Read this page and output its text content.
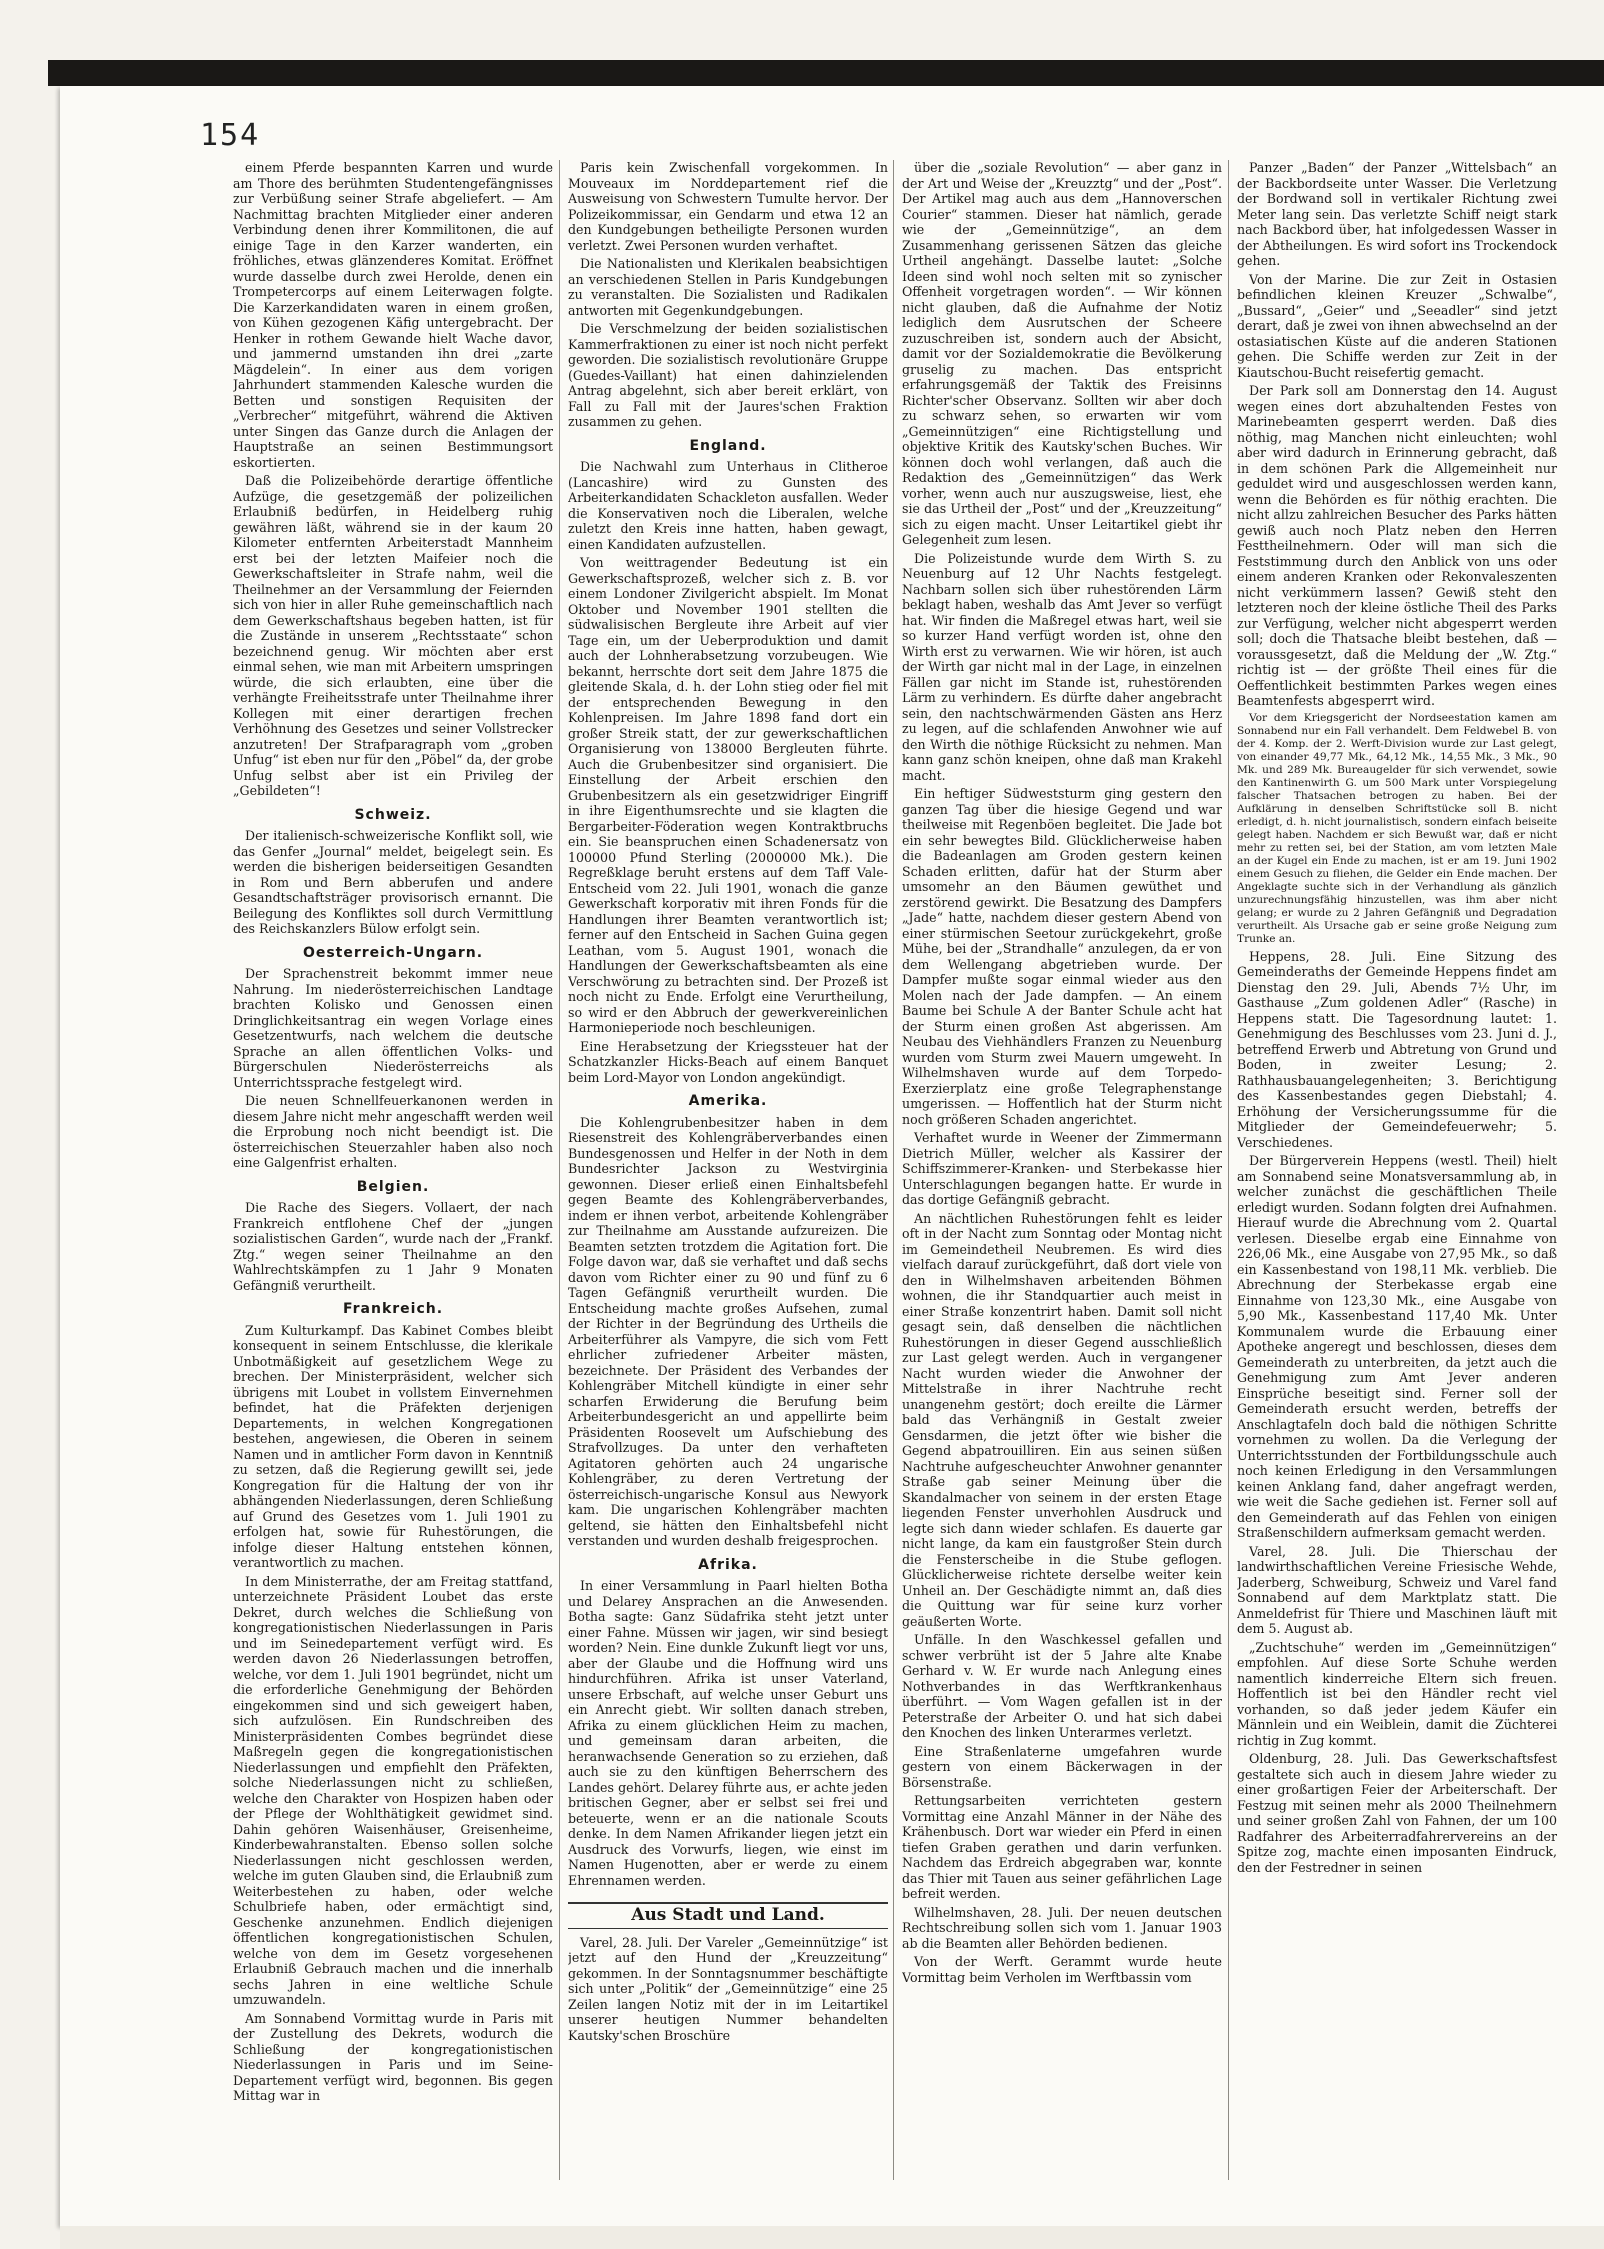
154

einem Pferde bespannten Karren und wurde am Thore des berühmten Studentengefängnisses zur Verbüßung seiner Strafe abgeliefert. — Am Nachmittag brachten Mitglieder einer anderen Verbindung denen ihrer Kommilitonen, die auf einige Tage in den Karzer wanderten, ein fröhliches, etwas glänzenderes Komitat. Eröffnet wurde dasselbe durch zwei Herolde, denen ein Trompetercorps auf einem Leiterwagen folgte. Die Karzerkandidaten waren in einem großen, von Kühen gezogenen Käfig untergebracht. Der Henker in rothem Gewande hielt Wache davor, und jammernd umstanden ihn drei „zarte Mägdelein“. In einer aus dem vorigen Jahrhundert stammenden Kalesche wurden die Betten und sonstigen Requisiten der „Verbrecher“ mitgeführt, während die Aktiven unter Singen das Ganze durch die Anlagen der Hauptstraße an seinen Bestimmungsort eskortierten.

Daß die Polizeibehörde derartige öffentliche Aufzüge, die gesetzgemäß der polizeilichen Erlaubniß bedürfen, in Heidelberg ruhig gewähren läßt, während sie in der kaum 20 Kilometer entfernten Arbeiterstadt Mannheim erst bei der letzten Maifeier noch die Gewerkschaftsleiter in Strafe nahm, weil die Theilnehmer an der Versammlung der Feiernden sich von hier in aller Ruhe gemeinschaftlich nach dem Gewerkschaftshaus begeben hatten, ist für die Zustände in unserem „Rechtsstaate“ schon bezeichnend genug. Wir möchten aber erst einmal sehen, wie man mit Arbeitern umspringen würde, die sich erlaubten, eine über die verhängte Freiheitsstrafe unter Theilnahme ihrer Kollegen mit einer derartigen frechen Verhöhnung des Gesetzes und seiner Vollstrecker anzutreten! Der Strafparagraph vom „groben Unfug“ ist eben nur für den „Pöbel“ da, der grobe Unfug selbst aber ist ein Privileg der „Gebildeten“!

Schweiz.

Der italienisch-schweizerische Konflikt soll, wie das Genfer „Journal“ meldet, beigelegt sein. Es werden die bisherigen beiderseitigen Gesandten in Rom und Bern abberufen und andere Gesandtschaftsträger provisorisch ernannt. Die Beilegung des Konfliktes soll durch Vermittlung des Reichskanzlers Bülow erfolgt sein.

Oesterreich-Ungarn.

Der Sprachenstreit bekommt immer neue Nahrung. Im niederösterreichischen Landtage brachten Kolisko und Genossen einen Dringlichkeitsantrag ein wegen Vorlage eines Gesetzentwurfs, nach welchem die deutsche Sprache an allen öffentlichen Volks- und Bürgerschulen Niederösterreichs als Unterrichtssprache festgelegt wird.

Die neuen Schnellfeuerkanonen werden in diesem Jahre nicht mehr angeschafft werden weil die Erprobung noch nicht beendigt ist. Die österreichischen Steuerzahler haben also noch eine Galgenfrist erhalten.

Belgien.

Die Rache des Siegers. Vollaert, der nach Frankreich entflohene Chef der „jungen sozialistischen Garden“, wurde nach der „Frankf. Ztg.“ wegen seiner Theilnahme an den Wahlrechtskämpfen zu 1 Jahr 9 Monaten Gefängniß verurtheilt.

Frankreich.

Zum Kulturkampf. Das Kabinet Combes bleibt konsequent in seinem Entschlusse, die klerikale Unbotmäßigkeit auf gesetzlichem Wege zu brechen. Der Ministerpräsident, welcher sich übrigens mit Loubet in vollstem Einvernehmen befindet, hat die Präfekten derjenigen Departements, in welchen Kongregationen bestehen, angewiesen, die Oberen in seinem Namen und in amtlicher Form davon in Kenntniß zu setzen, daß die Regierung gewillt sei, jede Kongregation für die Haltung der von ihr abhängenden Niederlassungen, deren Schließung auf Grund des Gesetzes vom 1. Juli 1901 zu erfolgen hat, sowie für Ruhestörungen, die infolge dieser Haltung entstehen können, verantwortlich zu machen.

In dem Ministerrathe, der am Freitag stattfand, unterzeichnete Präsident Loubet das erste Dekret, durch welches die Schließung von kongregationistischen Niederlassungen in Paris und im Seinedepartement verfügt wird. Es werden davon 26 Niederlassungen betroffen, welche, vor dem 1. Juli 1901 begründet, nicht um die erforderliche Genehmigung der Behörden eingekommen sind und sich geweigert haben, sich aufzulösen. Ein Rundschreiben des Ministerpräsidenten Combes begründet diese Maßregeln gegen die kongregationistischen Niederlassungen und empfiehlt den Präfekten, solche Niederlassungen nicht zu schließen, welche den Charakter von Hospizen haben oder der Pflege der Wohlthätigkeit gewidmet sind. Dahin gehören Waisenhäuser, Greisenheime, Kinderbewahranstalten. Ebenso sollen solche Niederlassungen nicht geschlossen werden, welche im guten Glauben sind, die Erlaubniß zum Weiterbestehen zu haben, oder welche Schulbriefe haben, oder ermächtigt sind, Geschenke anzunehmen. Endlich diejenigen öffentlichen kongregationistischen Schulen, welche von dem im Gesetz vorgesehenen Erlaubniß Gebrauch machen und die innerhalb sechs Jahren in eine weltliche Schule umzuwandeln.

Am Sonnabend Vormittag wurde in Paris mit der Zustellung des Dekrets, wodurch die Schließung der kongregationistischen Niederlassungen in Paris und im Seine-Departement verfügt wird, begonnen. Bis gegen Mittag war in

Paris kein Zwischenfall vorgekommen. In Mouveaux im Norddepartement rief die Ausweisung von Schwestern Tumulte hervor. Der Polizeikommissar, ein Gendarm und etwa 12 an den Kundgebungen betheiligte Personen wurden verletzt. Zwei Personen wurden verhaftet.

Die Nationalisten und Klerikalen beabsichtigen an verschiedenen Stellen in Paris Kundgebungen zu veranstalten. Die Sozialisten und Radikalen antworten mit Gegenkundgebungen.

Die Verschmelzung der beiden sozialistischen Kammerfraktionen zu einer ist noch nicht perfekt geworden. Die sozialistisch revolutionäre Gruppe (Guedes-Vaillant) hat einen dahinzielenden Antrag abgelehnt, sich aber bereit erklärt, von Fall zu Fall mit der Jaures'schen Fraktion zusammen zu gehen.

England.

Die Nachwahl zum Unterhaus in Clitheroe (Lancashire) wird zu Gunsten des Arbeiterkandidaten Schackleton ausfallen. Weder die Konservativen noch die Liberalen, welche zuletzt den Kreis inne hatten, haben gewagt, einen Kandidaten aufzustellen.

Von weittragender Bedeutung ist ein Gewerkschaftsprozeß, welcher sich z. B. vor einem Londoner Zivilgericht abspielt. Im Monat Oktober und November 1901 stellten die südwalisischen Bergleute ihre Arbeit auf vier Tage ein, um der Ueberproduktion und damit auch der Lohnherabsetzung vorzubeugen. Wie bekannt, herrschte dort seit dem Jahre 1875 die gleitende Skala, d. h. der Lohn stieg oder fiel mit der entsprechenden Bewegung in den Kohlenpreisen. Im Jahre 1898 fand dort ein großer Streik statt, der zur gewerkschaftlichen Organisierung von 138000 Bergleuten führte. Auch die Grubenbesitzer sind organisiert. Die Einstellung der Arbeit erschien den Grubenbesitzern als ein gesetzwidriger Eingriff in ihre Eigenthumsrechte und sie klagten die Bergarbeiter-Föderation wegen Kontraktbruchs ein. Sie beanspruchen einen Schadenersatz von 100000 Pfund Sterling (2000000 Mk.). Die Regreßklage beruht erstens auf dem Taff Vale-Entscheid vom 22. Juli 1901, wonach die ganze Gewerkschaft korporativ mit ihren Fonds für die Handlungen ihrer Beamten verantwortlich ist; ferner auf den Entscheid in Sachen Guina gegen Leathan, vom 5. August 1901, wonach die Handlungen der Gewerkschaftsbeamten als eine Verschwörung zu betrachten sind. Der Prozeß ist noch nicht zu Ende. Erfolgt eine Verurtheilung, so wird er den Abbruch der gewerkvereinlichen Harmonieperiode noch beschleunigen.

Eine Herabsetzung der Kriegssteuer hat der Schatzkanzler Hicks-Beach auf einem Banquet beim Lord-Mayor von London angekündigt.

Amerika.

Die Kohlengrubenbesitzer haben in dem Riesenstreit des Kohlengräberverbandes einen Bundesgenossen und Helfer in der Noth in dem Bundesrichter Jackson zu Westvirginia gewonnen. Dieser erließ einen Einhaltsbefehl gegen Beamte des Kohlengräberverbandes, indem er ihnen verbot, arbeitende Kohlengräber zur Theilnahme am Ausstande aufzureizen. Die Beamten setzten trotzdem die Agitation fort. Die Folge davon war, daß sie verhaftet und daß sechs davon vom Richter einer zu 90 und fünf zu 6 Tagen Gefängniß verurtheilt wurden. Die Entscheidung machte großes Aufsehen, zumal der Richter in der Begründung des Urtheils die Arbeiterführer als Vampyre, die sich vom Fett ehrlicher zufriedener Arbeiter mästen, bezeichnete. Der Präsident des Verbandes der Kohlengräber Mitchell kündigte in einer sehr scharfen Erwiderung die Berufung beim Arbeiterbundesgericht an und appellirte beim Präsidenten Roosevelt um Aufschiebung des Strafvollzuges. Da unter den verhafteten Agitatoren gehörten auch 24 ungarische Kohlengräber, zu deren Vertretung der österreichisch-ungarische Konsul aus Newyork kam. Die ungarischen Kohlengräber machten geltend, sie hätten den Einhaltsbefehl nicht verstanden und wurden deshalb freigesprochen.

Afrika.

In einer Versammlung in Paarl hielten Botha und Delarey Ansprachen an die Anwesenden. Botha sagte: Ganz Südafrika steht jetzt unter einer Fahne. Müssen wir jagen, wir sind besiegt worden? Nein. Eine dunkle Zukunft liegt vor uns, aber der Glaube und die Hoffnung wird uns hindurchführen. Afrika ist unser Vaterland, unsere Erbschaft, auf welche unser Geburt uns ein Anrecht giebt. Wir sollten danach streben, Afrika zu einem glücklichen Heim zu machen, und gemeinsam daran arbeiten, die heranwachsende Generation so zu erziehen, daß auch sie zu den künftigen Beherrschern des Landes gehört. Delarey führte aus, er achte jeden britischen Gegner, aber er selbst sei frei und beteuerte, wenn er an die nationale Scouts denke. In dem Namen Afrikander liegen jetzt ein Ausdruck des Vorwurfs, liegen, wie einst im Namen Hugenotten, aber er werde zu einem Ehrennamen werden.

Aus Stadt und Land.

Varel, 28. Juli. Der Vareler „Gemeinnützige“ ist jetzt auf den Hund der „Kreuzzeitung“ gekommen. In der Sonntagsnummer beschäftigte sich unter „Politik“ der „Gemeinnützige“ eine 25 Zeilen langen Notiz mit der in im Leitartikel unserer heutigen Nummer behandelten Kautsky'schen Broschüre

über die „soziale Revolution“ — aber ganz in der Art und Weise der „Kreuzztg“ und der „Post“. Der Artikel mag auch aus dem „Hannoverschen Courier“ stammen. Dieser hat nämlich, gerade wie der „Gemeinnützige“, an dem Zusammenhang gerissenen Sätzen das gleiche Urtheil angehängt. Dasselbe lautet: „Solche Ideen sind wohl noch selten mit so zynischer Offenheit vorgetragen worden“. — Wir können nicht glauben, daß die Aufnahme der Notiz lediglich dem Ausrutschen der Scheere zuzuschreiben ist, sondern auch der Absicht, damit vor der Sozialdemokratie die Bevölkerung gruselig zu machen. Das entspricht erfahrungsgemäß der Taktik des Freisinns Richter'scher Observanz. Sollten wir aber doch zu schwarz sehen, so erwarten wir vom „Gemeinnützigen“ eine Richtigstellung und objektive Kritik des Kautsky'schen Buches. Wir können doch wohl verlangen, daß auch die Redaktion des „Gemeinnützigen“ das Werk vorher, wenn auch nur auszugsweise, liest, ehe sie das Urtheil der „Post“ und der „Kreuzzeitung“ sich zu eigen macht. Unser Leitartikel giebt ihr Gelegenheit zum lesen.

Die Polizeistunde wurde dem Wirth S. zu Neuenburg auf 12 Uhr Nachts festgelegt. Nachbarn sollen sich über ruhestörenden Lärm beklagt haben, weshalb das Amt Jever so verfügt hat. Wir finden die Maßregel etwas hart, weil sie so kurzer Hand verfügt worden ist, ohne den Wirth erst zu verwarnen. Wie wir hören, ist auch der Wirth gar nicht mal in der Lage, in einzelnen Fällen gar nicht im Stande ist, ruhestörenden Lärm zu verhindern. Es dürfte daher angebracht sein, den nachtschwärmenden Gästen ans Herz zu legen, auf die schlafenden Anwohner wie auf den Wirth die nöthige Rücksicht zu nehmen. Man kann ganz schön kneipen, ohne daß man Krakehl macht.

Ein heftiger Südweststurm ging gestern den ganzen Tag über die hiesige Gegend und war theilweise mit Regenböen begleitet. Die Jade bot ein sehr bewegtes Bild. Glücklicherweise haben die Badeanlagen am Groden gestern keinen Schaden erlitten, dafür hat der Sturm aber umsomehr an den Bäumen gewüthet und zerstörend gewirkt. Die Besatzung des Dampfers „Jade“ hatte, nachdem dieser gestern Abend von einer stürmischen Seetour zurückgekehrt, große Mühe, bei der „Strandhalle“ anzulegen, da er von dem Wellengang abgetrieben wurde. Der Dampfer mußte sogar einmal wieder aus den Molen nach der Jade dampfen. — An einem Baume bei Schule A der Banter Schule acht hat der Sturm einen großen Ast abgerissen. Am Neubau des Viehhändlers Franzen zu Neuenburg wurden vom Sturm zwei Mauern umgeweht. In Wilhelmshaven wurde auf dem Torpedo-Exerzierplatz eine große Telegraphenstange umgerissen. — Hoffentlich hat der Sturm nicht noch größeren Schaden angerichtet.

Verhaftet wurde in Weener der Zimmermann Dietrich Müller, welcher als Kassirer der Schiffszimmerer-Kranken- und Sterbekasse hier Unterschlagungen begangen hatte. Er wurde in das dortige Gefängniß gebracht.

An nächtlichen Ruhestörungen fehlt es leider oft in der Nacht zum Sonntag oder Montag nicht im Gemeindetheil Neubremen. Es wird dies vielfach darauf zurückgeführt, daß dort viele von den in Wilhelmshaven arbeitenden Böhmen wohnen, die ihr Standquartier auch meist in einer Straße konzentrirt haben. Damit soll nicht gesagt sein, daß denselben die nächtlichen Ruhestörungen in dieser Gegend ausschließlich zur Last gelegt werden. Auch in vergangener Nacht wurden wieder die Anwohner der Mittelstraße in ihrer Nachtruhe recht unangenehm gestört; doch ereilte die Lärmer bald das Verhängniß in Gestalt zweier Gensdarmen, die jetzt öfter wie bisher die Gegend abpatrouilliren. Ein aus seinen süßen Nachtruhe aufgescheuchter Anwohner genannter Straße gab seiner Meinung über die Skandalmacher von seinem in der ersten Etage liegenden Fenster unverhohlen Ausdruck und legte sich dann wieder schlafen. Es dauerte gar nicht lange, da kam ein faustgroßer Stein durch die Fensterscheibe in die Stube geflogen. Glücklicherweise richtete derselbe weiter kein Unheil an. Der Geschädigte nimmt an, daß dies die Quittung war für seine kurz vorher geäußerten Worte.

Unfälle. In den Waschkessel gefallen und schwer verbrüht ist der 5 Jahre alte Knabe Gerhard v. W. Er wurde nach Anlegung eines Nothverbandes in das Werftkrankenhaus überführt. — Vom Wagen gefallen ist in der Peterstraße der Arbeiter O. und hat sich dabei den Knochen des linken Unterarmes verletzt.

Eine Straßenlaterne umgefahren wurde gestern von einem Bäckerwagen in der Börsenstraße.

Rettungsarbeiten verrichteten gestern Vormittag eine Anzahl Männer in der Nähe des Krähenbusch. Dort war wieder ein Pferd in einen tiefen Graben gerathen und darin verfunken. Nachdem das Erdreich abgegraben war, konnte das Thier mit Tauen aus seiner gefährlichen Lage befreit werden.

Wilhelmshaven, 28. Juli. Der neuen deutschen Rechtschreibung sollen sich vom 1. Januar 1903 ab die Beamten aller Behörden bedienen.

Von der Werft. Gerammt wurde heute Vormittag beim Verholen im Werftbassin vom

Panzer „Baden“ der Panzer „Wittelsbach“ an der Backbordseite unter Wasser. Die Verletzung der Bordwand soll in vertikaler Richtung zwei Meter lang sein. Das verletzte Schiff neigt stark nach Backbord über, hat infolgedessen Wasser in der Abtheilungen. Es wird sofort ins Trockendock gehen.

Von der Marine. Die zur Zeit in Ostasien befindlichen kleinen Kreuzer „Schwalbe“, „Bussard“, „Geier“ und „Seeadler“ sind jetzt derart, daß je zwei von ihnen abwechselnd an der ostasiatischen Küste auf die anderen Stationen gehen. Die Schiffe werden zur Zeit in der Kiautschou-Bucht reisefertig gemacht.

Der Park soll am Donnerstag den 14. August wegen eines dort abzuhaltenden Festes von Marinebeamten gesperrt werden. Daß dies nöthig, mag Manchen nicht einleuchten; wohl aber wird dadurch in Erinnerung gebracht, daß in dem schönen Park die Allgemeinheit nur geduldet wird und ausgeschlossen werden kann, wenn die Behörden es für nöthig erachten. Die nicht allzu zahlreichen Besucher des Parks hätten gewiß auch noch Platz neben den Herren Festtheilnehmern. Oder will man sich die Feststimmung durch den Anblick von uns oder einem anderen Kranken oder Rekonvaleszenten nicht verkümmern lassen? Gewiß steht den letzteren noch der kleine östliche Theil des Parks zur Verfügung, welcher nicht abgesperrt werden soll; doch die Thatsache bleibt bestehen, daß — voraussgesetzt, daß die Meldung der „W. Ztg.“ richtig ist — der größte Theil eines für die Oeffentlichkeit bestimmten Parkes wegen eines Beamtenfests abgesperrt wird.

Vor dem Kriegsgericht der Nordseestation kamen am Sonnabend nur ein Fall verhandelt. Dem Feldwebel B. von der 4. Komp. der 2. Werft-Division wurde zur Last gelegt, von einander 49,77 Mk., 64,12 Mk., 14,55 Mk., 3 Mk., 90 Mk. und 289 Mk. Bureaugelder für sich verwendet, sowie den Kantinenwirth G. um 500 Mark unter Vorspiegelung falscher Thatsachen betrogen zu haben. Bei der Aufklärung in denselben Schriftstücke soll B. nicht erledigt, d. h. nicht journalistisch, sondern einfach beiseite gelegt haben. Nachdem er sich Bewußt war, daß er nicht mehr zu retten sei, bei der Station, am vom letzten Male an der Kugel ein Ende zu machen, ist er am 19. Juni 1902 einem Gesuch zu fliehen, die Gelder ein Ende machen. Der Angeklagte suchte sich in der Verhandlung als gänzlich unzurechnungsfähig hinzustellen, was ihm aber nicht gelang; er wurde zu 2 Jahren Gefängniß und Degradation verurtheilt. Als Ursache gab er seine große Neigung zum Trunke an.

Heppens, 28. Juli. Eine Sitzung des Gemeinderaths der Gemeinde Heppens findet am Dienstag den 29. Juli, Abends 7½ Uhr, im Gasthause „Zum goldenen Adler“ (Rasche) in Heppens statt. Die Tagesordnung lautet: 1. Genehmigung des Beschlusses vom 23. Juni d. J., betreffend Erwerb und Abtretung von Grund und Boden, in zweiter Lesung; 2. Rathhausbauangelegenheiten; 3. Berichtigung des Kassenbestandes gegen Diebstahl; 4. Erhöhung der Versicherungssumme für die Mitglieder der Gemeindefeuerwehr; 5. Verschiedenes.

Der Bürgerverein Heppens (westl. Theil) hielt am Sonnabend seine Monatsversammlung ab, in welcher zunächst die geschäftlichen Theile erledigt wurden. Sodann folgten drei Aufnahmen. Hierauf wurde die Abrechnung vom 2. Quartal verlesen. Dieselbe ergab eine Einnahme von 226,06 Mk., eine Ausgabe von 27,95 Mk., so daß ein Kassenbestand von 198,11 Mk. verblieb. Die Abrechnung der Sterbekasse ergab eine Einnahme von 123,30 Mk., eine Ausgabe von 5,90 Mk., Kassenbestand 117,40 Mk. Unter Kommunalem wurde die Erbauung einer Apotheke angeregt und beschlossen, dieses dem Gemeinderath zu unterbreiten, da jetzt auch die Genehmigung zum Amt Jever anderen Einsprüche beseitigt sind. Ferner soll der Gemeinderath ersucht werden, betreffs der Anschlagtafeln doch bald die nöthigen Schritte vornehmen zu wollen. Da die Verlegung der Unterrichtsstunden der Fortbildungsschule auch noch keinen Erledigung in den Versammlungen keinen Anklang fand, daher angefragt werden, wie weit die Sache gediehen ist. Ferner soll auf den Gemeinderath auf das Fehlen von einigen Straßenschildern aufmerksam gemacht werden.

Varel, 28. Juli. Die Thierschau der landwirthschaftlichen Vereine Friesische Wehde, Jaderberg, Schweiburg, Schweiz und Varel fand Sonnabend auf dem Marktplatz statt. Die Anmeldefrist für Thiere und Maschinen läuft mit dem 5. August ab.

„Zuchtschuhe“ werden im „Gemeinnützigen“ empfohlen. Auf diese Sorte Schuhe werden namentlich kinderreiche Eltern sich freuen. Hoffentlich ist bei den Händler recht viel vorhanden, so daß jeder jedem Käufer ein Männlein und ein Weiblein, damit die Züchterei richtig in Zug kommt.

Oldenburg, 28. Juli. Das Gewerkschaftsfest gestaltete sich auch in diesem Jahre wieder zu einer großartigen Feier der Arbeiterschaft. Der Festzug mit seinen mehr als 2000 Theilnehmern und seiner großen Zahl von Fahnen, der um 100 Radfahrer des Arbeiterradfahrervereins an der Spitze zog, machte einen imposanten Eindruck, den der Festredner in seinen
